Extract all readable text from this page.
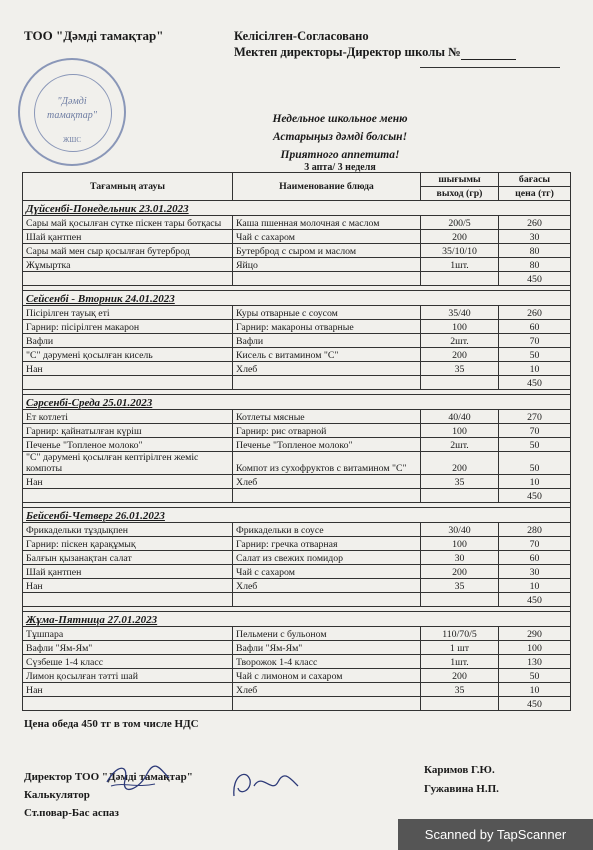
ТОО "Дәмді тамақтар"	Келісілген-Согласовано
Мектеп директоры-Директор школы №
"Дәмді
тамақтар"
ЖШС
Недельное школьное меню
Астарыңыз дәмді болсын!
Приятного аппетита!
3 апта/ 3 неделя
Тағамның атауы	Наименование блюда	шығымы	бағасы
		выход (гр)	цена (тг)
Дүйсенбі-Понедельник 23.01.2023			
Сары май қосылған сүтке піскен тары ботқасы	Каша пшенная молочная с маслом	200/5	260
Шай қантпен	Чай с сахаром	200	30
Сары май мен сыр қосылған бутерброд	Бутерброд с сыром и маслом	35/10/10	80
Жұмыртка	Яйцо	1шт.	80
			450

Сейсенбі - Вторник 24.01.2023			
Пісірілген тауық еті	Куры отварные с соусом	35/40	260
Гарнир: пісірілген макарон	Гарнир: макароны отварные	100	60
Вафли	Вафли	2шт.	70
"С" дәрумені қосылған кисель	Кисель с витамином "С"	200	50
Нан	Хлеб	35	10
			450

Сәрсенбі-Среда 25.01.2023			
Ет котлеті	Котлеты мясные	40/40	270
Гарнир: қайнатылған күріш	Гарнир: рис отварной	100	70
Печенье "Топленое молоко"	Печенье "Топленое молоко"	2шт.	50
"С" дәрумені қосылған кептірілген жеміс компоты	Компот из сухофруктов с витамином "С"	200	50
Нан	Хлеб	35	10
			450

Бейсенбі-Четверг 26.01.2023			
Фрикадельки тұздықпен	Фрикадельки в соусе	30/40	280
Гарнир: піскен қарақұмық	Гарнир: гречка отварная	100	70
Балғын қызанақтан салат	Салат из свежих помидор	30	60
Шай қантпен	Чай с сахаром	200	30
Нан	Хлеб	35	10
			450

Жұма-Пятница 27.01.2023			
Тұшпара	Пельмени с бульоном	110/70/5	290
Вафли "Ям-Ям"	Вафли "Ям-Ям"	1 шт	100
Сүзбеше 1-4 класс	Творожок 1-4 класс	1шт.	130
Лимон қосылған тәтті шай	Чай с лимоном и сахаром	200	50
Нан	Хлеб	35	10
			450
Цена обеда 450 тг в том числе НДС
Директор ТОО "Дәмді тамақтар"
Калькулятор
Ст.повар-Бас аспаз
Каримов Г.Ю.
Гужавина Н.П.
Scanned by TapScanner
